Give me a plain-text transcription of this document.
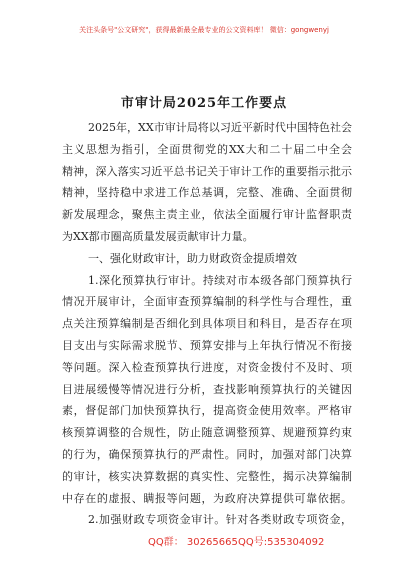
关注头条号"公文研究"，获得最新最全最专业的公文资料库！ 微信：gongwenyj
市审计局2025年工作要点
2025年，XX市审计局将以习近平新时代中国特色社会
主义思想为指引，全面贯彻党的XX大和二十届二中全会
精神，深入落实习近平总书记关于审计工作的重要指示批示
精神，坚持稳中求进工作总基调，完整、准确、全面贯彻
新发展理念，聚焦主责主业，依法全面履行审计监督职责
为XX都市圈高质量发展贡献审计力量。
一、强化财政审计，助力财政资金提质增效
1.深化预算执行审计。持续对市本级各部门预算执行
情况开展审计，全面审查预算编制的科学性与合理性，重
点关注预算编制是否细化到具体项目和科目，是否存在项
目支出与实际需求脱节、预算安排与上年执行情况不衔接
等问题。深入检查预算执行进度，对资金拨付不及时、项
目进展缓慢等情况进行分析，查找影响预算执行的关键因
素，督促部门加快预算执行，提高资金使用效率。严格审
核预算调整的合规性，防止随意调整预算、规避预算约束
的行为，确保预算执行的严肃性。同时，加强对部门决算
的审计，核实决算数据的真实性、完整性，揭示决算编制
中存在的虚报、瞒报等问题，为政府决算提供可靠依据。
2.加强财政专项资金审计。针对各类财政专项资金，
QQ群： 30265665 QQ号:535304092
